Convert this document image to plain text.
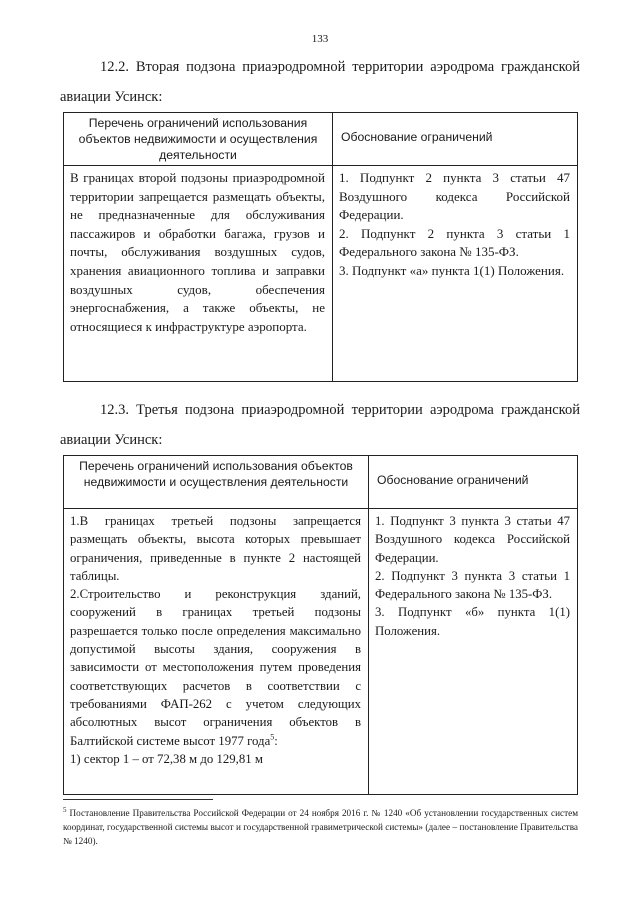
133
12.2. Вторая подзона приаэродромной территории аэродрома гражданской
авиации Усинск:
Перечень ограничений использования объектов недвижимости и осуществления деятельности
Обоснование ограничений

В границах второй подзоны приаэродромной территории запрещается размещать объекты, не предназначенные для обслуживания пассажиров и обработки багажа, грузов и почты, обслуживания воздушных судов, хранения авиационного топлива и заправки воздушных судов, обеспечения энергоснабжения, а также объекты, не относящиеся к инфраструктуре аэропорта.

1. Подпункт 2 пункта 3 статьи 47 Воздушного кодекса Российской Федерации.

2. Подпункт 2 пункта 3 статьи 1 Федерального закона № 135-ФЗ.

3. Подпункт «а» пункта 1(1) Положения.

12.3. Третья подзона приаэродромной территории аэродрома гражданской
авиации Усинск:
Перечень ограничений использования объектов недвижимости и осуществления деятельности	Обоснование ограничений

1.В границах третьей подзоны запрещается размещать объекты, высота которых превышает ограничения, приведенные в пункте 2 настоящей таблицы.

2.Строительство и реконструкция зданий, сооружений в границах третьей подзоны разрешается только после определения максимально допустимой высоты здания, сооружения в зависимости от местоположения путем проведения соответствующих расчетов в соответствии с требованиями ФАП-262 с учетом следующих абсолютных высот ограничения объектов в Балтийской системе высот 1977 года$^5$:

1) сектор 1 – от 72,38 м до 129,81 м

1. Подпункт 3 пункта 3 статьи 47 Воздушного кодекса Российской Федерации.

2. Подпункт 3 пункта 3 статьи 1 Федерального закона № 135-ФЗ.

3. Подпункт «б» пункта 1(1) Положения.

$^5$ Постановление Правительства Российской Федерации от 24 ноября 2016 г. № 1240 «Об установлении государственных систем координат, государственной системы высот и государственной гравиметрической системы» (далее – постановление Правительства № 1240).
